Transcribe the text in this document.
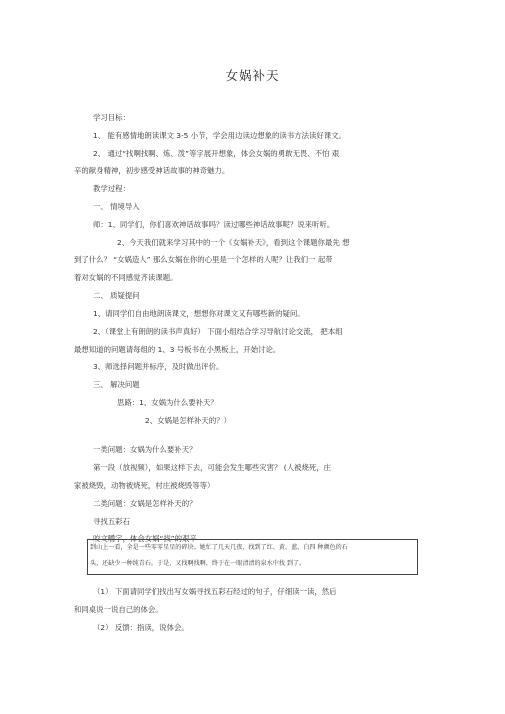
女娲补天
学习目标：
1、 能有感情地朗读课文 3-5 小节，学会用边读边想象的读书方法读好课文。
2、 通过“找啊找啊、炼、泼”等字展开想象，体会女娲的勇敢无畏、不怕 艰
辛的献身精神，初步感受神话故事的神奇魅力。
教学过程：
一、 情境导入
师：1、同学们，你们喜欢神话故事吗？读过哪些神话故事呢？说来听听。
2、今天我们就来学习其中的一个《女娲补天》，看到这个课题你最先 想
到了什么？ “女娲造人” 那么女娲在你的心里是一个怎样的人呢？让我们一 起带
着对女娲的不同感觉齐读课题。
二、 质疑提问
1、请同学们自由地朗读课文，想想你对课文又有哪些新的疑问。
2、（课堂上有朗朗的读书声真好） 下面小组结合学习导航讨论交流， 把本组
最想知道的问题请每组的 1、3 号板书在小黑板上，开始讨论。
3、师选择问题并标序，及时做出评价。
三、 解决问题
思路：1、女娲为什么要补天？
2、女娲是怎样补天的？）
一类问题：女娲为什么要补天？
第一段（放视频），如果这样下去，可能会发生哪些灾害？ (人被烧死，庄
家被烧毁，动物被烧死，村庄被烧毁等等）
二类问题：女娲是怎样补天的？
寻找五彩石
咬文嚼字，体会女娲“找”的艰辛
（1） 下面请同学们找出写女娲寻找五彩石经过的句子，仔细读一读，然后
和同桌说一说自己的体会。
（2） 反馈：指读，说体会。
到山上一看，全是一些零零星星的碎块。她忙了几天几夜，找到了红、黄、蓝、白四 种颜色的石
头，还缺少一种纯青石。于是，又找啊找啊，终于在一眼清清的泉水中找 到了。
